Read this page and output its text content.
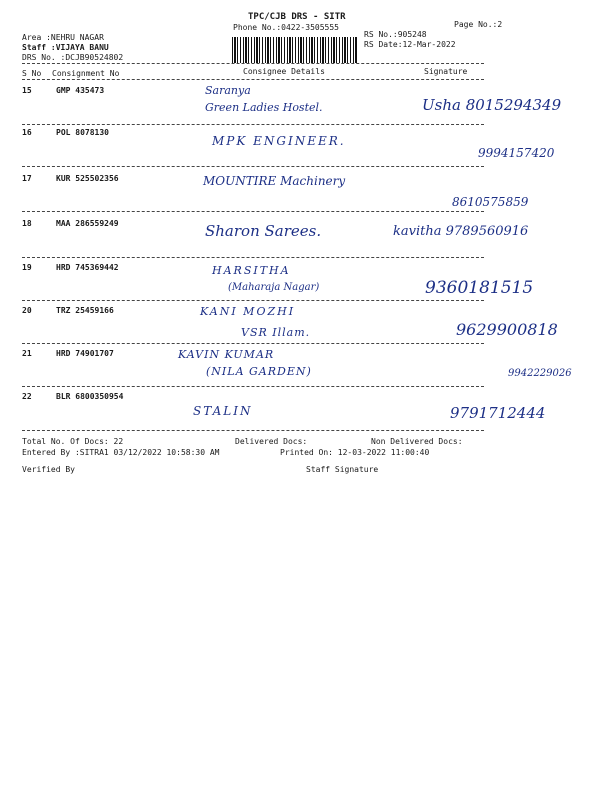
TPC/CJB DRS - SITR
Phone No.:0422-3505555	Page No.:2
Area :NEHRU NAGAR
Staff :VIJAYA BANU
DRS No. :DCJB90524802
RS No.:905248
RS Date:12-Mar-2022
S No Consignment No	Consignee Details	Signature
15	GMP 435473	Saranya
Green Ladies Hostel.	Usha 8015294349
16	POL 8078130
MPK ENGINEER.
9994157420
17	KUR 525502356	MOUNTIRE Machinery
8610575859
18	MAA 286559249	Sharon Sarees.	kavitha 9789560916
19	HRD 745369442	HARSITHA
(Maharaja Nagar)	9360181515
20	TRZ 25459166	KANI MOZHI
VSR Illam.	9629900818
21	HRD 74901707	KAVIN KUMAR
(NILA GARDEN)	9942229026
22	BLR 6800350954
STALIN	9791712444
Total No. Of Docs: 22	Delivered Docs:	Non Delivered Docs:
Entered By :SITRA1 03/12/2022 10:58:30 AM	Printed On: 12-03-2022 11:00:40
Verified By	Staff Signature
